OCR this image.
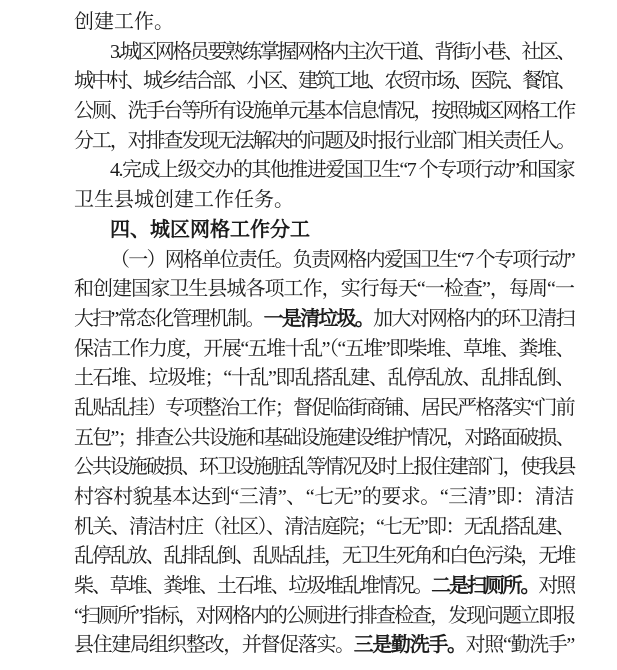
创建工作。
3.城区网格员要熟练掌握网格内主次干道、背街小巷、社区、
城中村、城乡结合部、小区、建筑工地、农贸市场、医院、餐馆、
公厕、洗手台等所有设施单元基本信息情况，按照城区网格工作
分工，对排查发现无法解决的问题及时报行业部门相关责任人。
4.完成上级交办的其他推进爱国卫生“7 个专项行动”和国家
卫生县城创建工作任务。
四、城区网格工作分工
（一）网格单位责任。负责网格内爱国卫生“7 个专项行动”
和创建国家卫生县城各项工作，实行每天“一检查”，每周“一
大扫”常态化管理机制。一是清垃圾。加大对网格内的环卫清扫
保洁工作力度，开展“五堆十乱”（“五堆”即柴堆、草堆、粪堆、
土石堆、垃圾堆；“十乱”即乱搭乱建、乱停乱放、乱排乱倒、
乱贴乱挂）专项整治工作；督促临街商铺、居民严格落实“门前
五包”；排查公共设施和基础设施建设维护情况，对路面破损、
公共设施破损、环卫设施脏乱等情况及时上报住建部门，使我县
村容村貌基本达到“三清”、“七无”的要求。“三清”即：清洁
机关、清洁村庄（社区）、清洁庭院；“七无”即：无乱搭乱建、
乱停乱放、乱排乱倒、乱贴乱挂，无卫生死角和白色污染，无堆
柴、草堆、粪堆、土石堆、垃圾堆乱堆情况。二是扫厕所。对照
“扫厕所”指标，对网格内的公厕进行排查检查，发现问题立即报
县住建局组织整改，并督促落实。三是勤洗手。对照“勤洗手”
